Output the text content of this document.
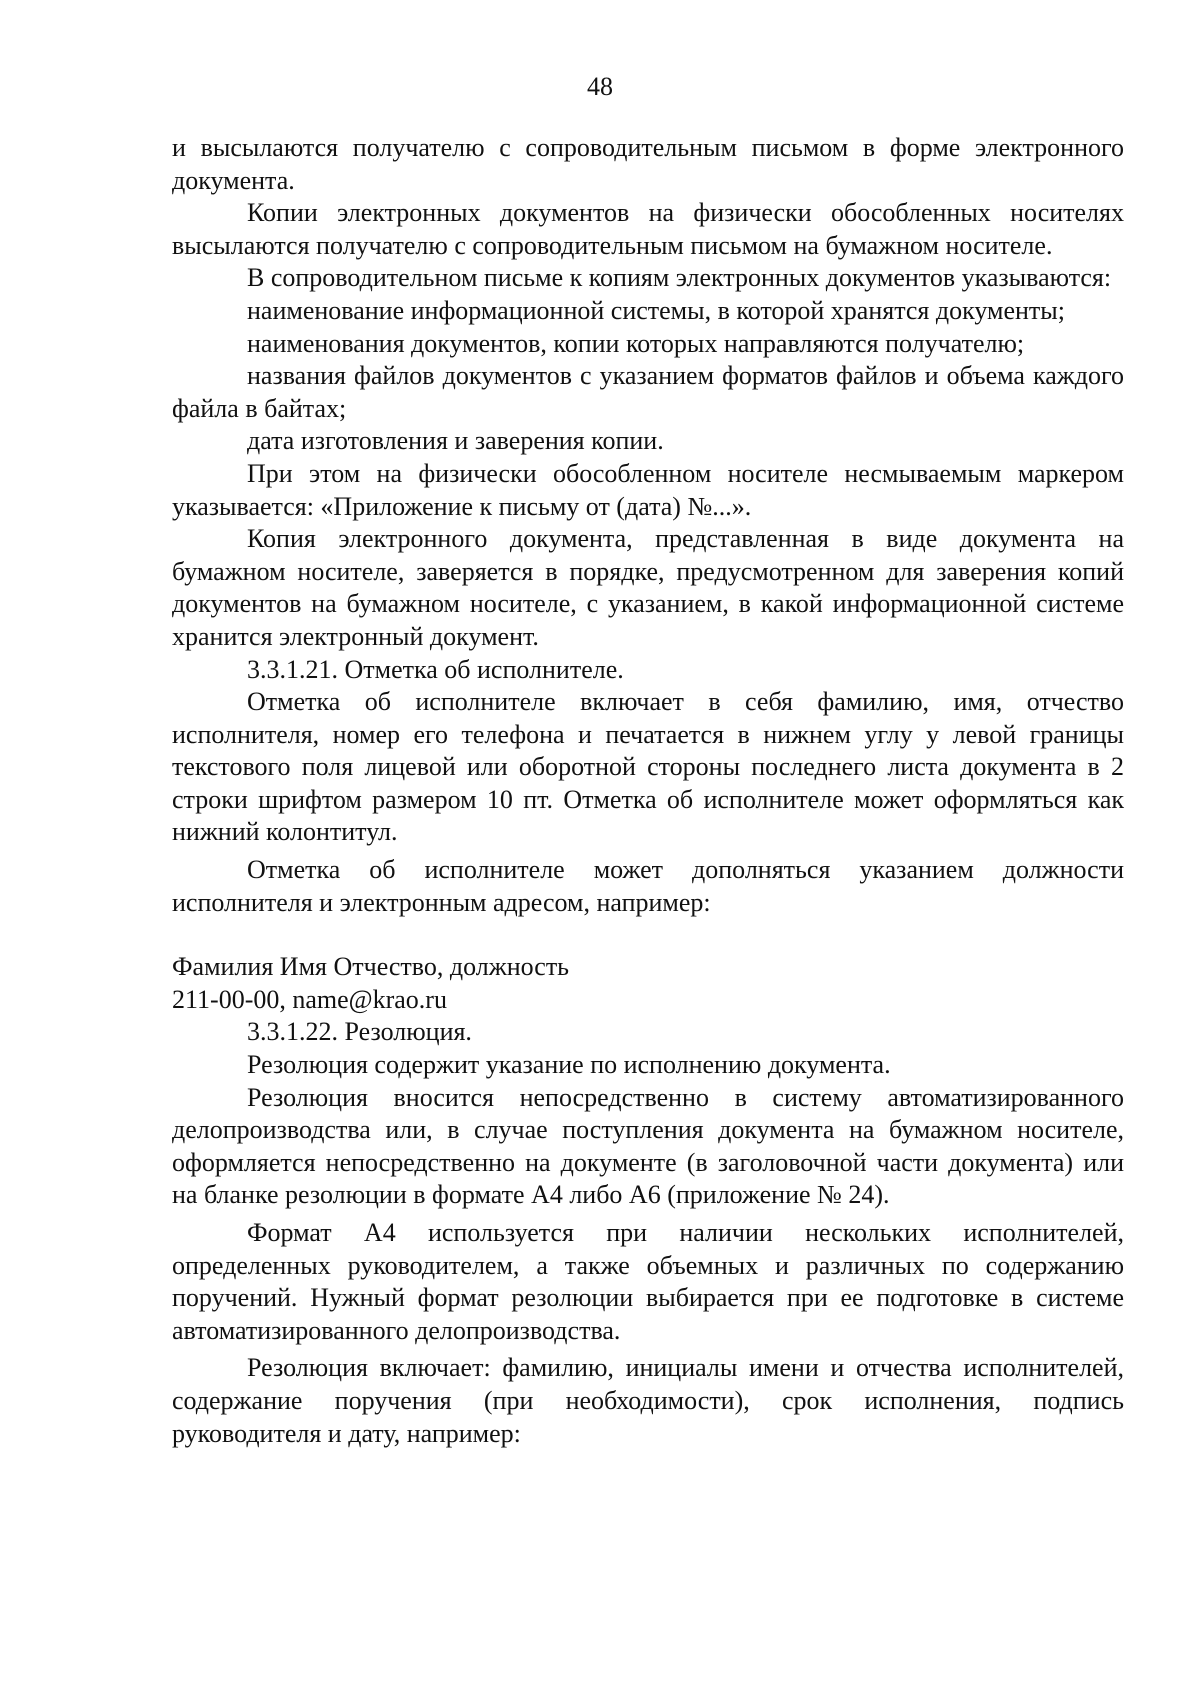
48

и высылаются получателю с сопроводительным письмом в форме электронного документа.

Копии электронных документов на физически обособленных носителях высылаются получателю с сопроводительным письмом на бумажном носителе.

В сопроводительном письме к копиям электронных документов указываются:

наименование информационной системы, в которой хранятся документы;

наименования документов, копии которых направляются получателю;

названия файлов документов с указанием форматов файлов и объема каждого файла в байтах;

дата изготовления и заверения копии.

При этом на физически обособленном носителе несмываемым маркером указывается: «Приложение к письму от (дата) №...».

Копия электронного документа, представленная в виде документа на бумажном носителе, заверяется в порядке, предусмотренном для заверения копий документов на бумажном носителе, с указанием, в какой информационной системе хранится электронный документ.

3.3.1.21. Отметка об исполнителе.

Отметка об исполнителе включает в себя фамилию, имя, отчество исполнителя, номер его телефона и печатается в нижнем углу у левой границы текстового поля лицевой или оборотной стороны последнего листа документа в 2 строки шрифтом размером 10 пт. Отметка об исполнителе может оформляться как нижний колонтитул.

Отметка об исполнителе может дополняться указанием должности исполнителя и электронным адресом, например:

Фамилия Имя Отчество, должность

211-00-00, name@krao.ru

3.3.1.22. Резолюция.

Резолюция содержит указание по исполнению документа.

Резолюция вносится непосредственно в систему автоматизированного делопроизводства или, в случае поступления документа на бумажном носителе, оформляется непосредственно на документе (в заголовочной части документа) или на бланке резолюции в формате А4 либо А6 (приложение № 24).

Формат А4 используется при наличии нескольких исполнителей, определенных руководителем, а также объемных и различных по содержанию поручений. Нужный формат резолюции выбирается при ее подготовке в системе автоматизированного делопроизводства.

Резолюция включает: фамилию, инициалы имени и отчества исполнителей, содержание поручения (при необходимости), срок исполнения, подпись руководителя и дату, например:
